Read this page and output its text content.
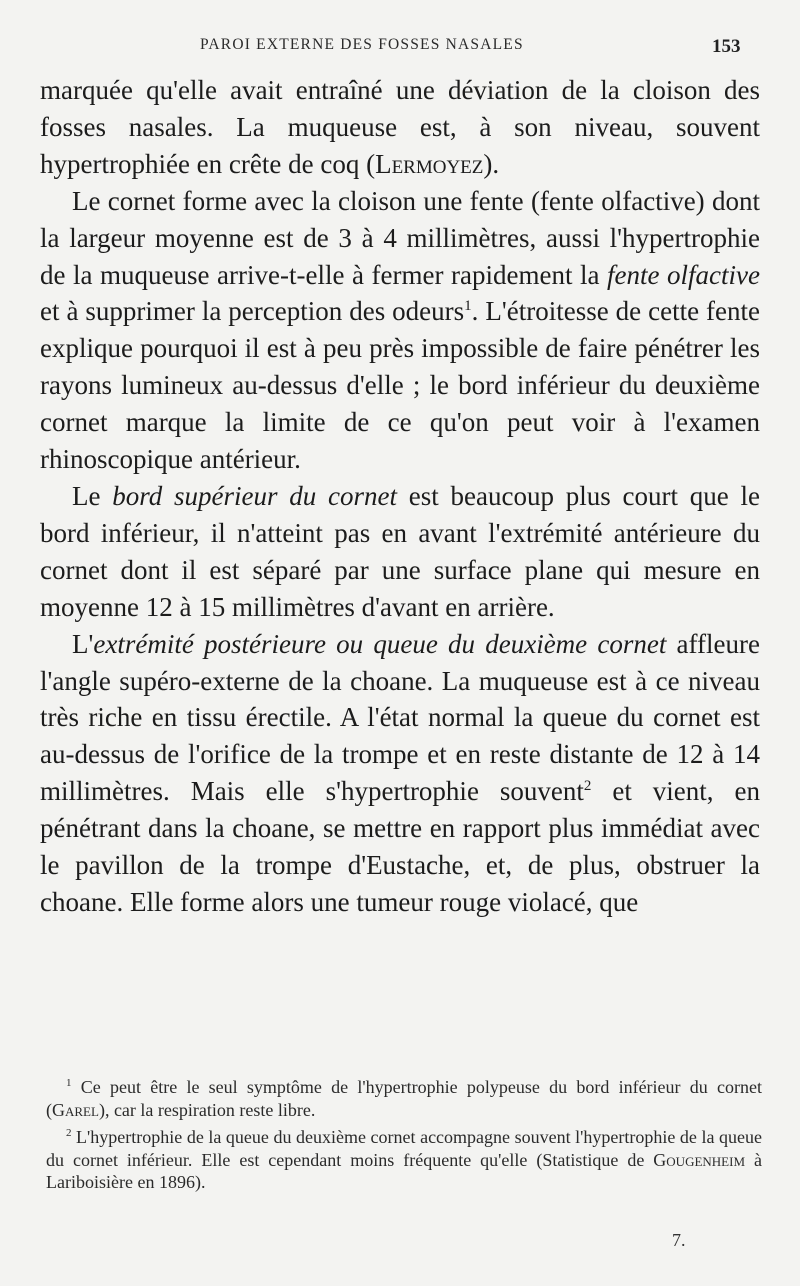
PAROI EXTERNE DES FOSSES NASALES	153

marquée qu'elle avait entraîné une déviation de la cloison des fosses nasales. La muqueuse est, à son niveau, souvent hypertrophiée en crête de coq (Lermoyez).

Le cornet forme avec la cloison une fente (fente olfactive) dont la largeur moyenne est de 3 à 4 millimètres, aussi l'hypertrophie de la muqueuse arrive-t-elle à fermer rapidement la fente olfactive et à supprimer la perception des odeurs$^1$. L'étroitesse de cette fente explique pourquoi il est à peu près impossible de faire pénétrer les rayons lumineux au-dessus d'elle ; le bord inférieur du deuxième cornet marque la limite de ce qu'on peut voir à l'examen rhinoscopique antérieur.

Le bord supérieur du cornet est beaucoup plus court que le bord inférieur, il n'atteint pas en avant l'extrémité antérieure du cornet dont il est séparé par une surface plane qui mesure en moyenne 12 à 15 millimètres d'avant en arrière.

L'extrémité postérieure ou queue du deuxième cornet affleure l'angle supéro-externe de la choane. La muqueuse est à ce niveau très riche en tissu érectile. A l'état normal la queue du cornet est au-dessus de l'orifice de la trompe et en reste distante de 12 à 14 millimètres. Mais elle s'hypertrophie souvent$^2$ et vient, en pénétrant dans la choane, se mettre en rapport plus immédiat avec le pavillon de la trompe d'Eustache, et, de plus, obstruer la choane. Elle forme alors une tumeur rouge violacé, que

$^1$ Ce peut être le seul symptôme de l'hypertrophie polypeuse du bord inférieur du cornet (Garel), car la respiration reste libre.

$^2$ L'hypertrophie de la queue du deuxième cornet accompagne souvent l'hypertrophie de la queue du cornet inférieur. Elle est cependant moins fréquente qu'elle (Statistique de Gougenheim à Lariboisière en 1896).

7.
